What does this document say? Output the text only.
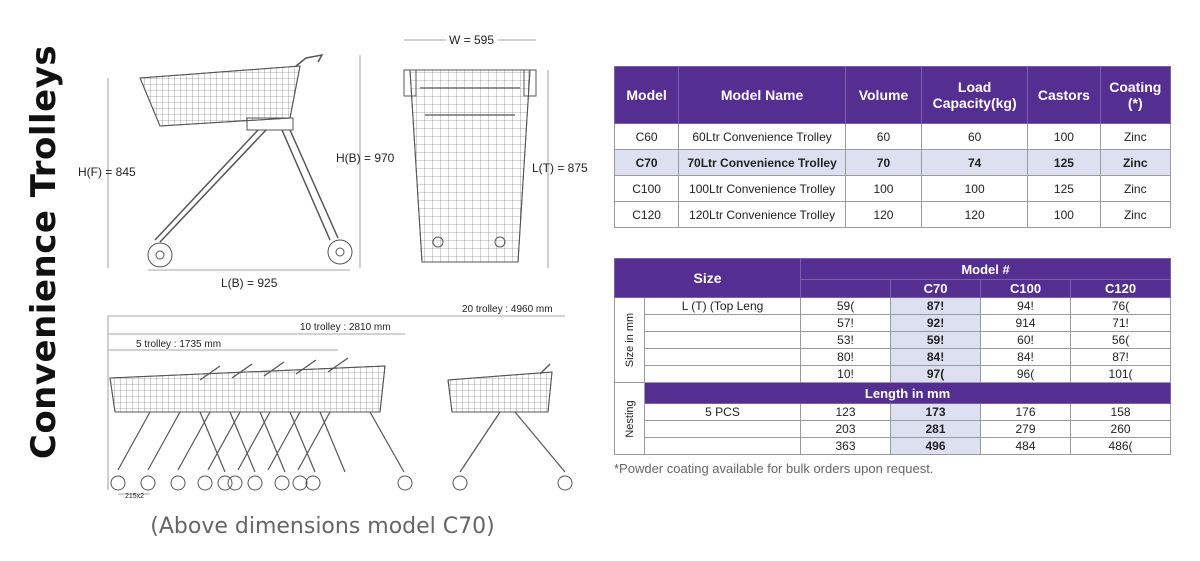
Convenience Trolleys H(F) = 845
H(B) = 970
L(B) = 925
W = 595
L(T) = 875
20 trolley : 4960 mm
10 trolley : 2810 mm
5 trolley : 1735 mm
215x2
(Above dimensions model C70)
Model	Model Name	Volume	Load Capacity(kg)	Castors	Coating (*)
C60	60Ltr Convenience Trolley	60	60	100	Zinc
C70	70Ltr Convenience Trolley	70	74	125	Zinc
C100	100Ltr Convenience Trolley	100	100	125	Zinc
C120	120Ltr Convenience Trolley	120	120	100	Zinc
Size		Model #			
			C70	C100	C120

Size in mm	L (T) (Top Leng	59(	87!	94!	76(
		57!	92!	914	71!
		53!	59!	60!	56(
		80!	84!	84!	87!
		10!	97(	96(	101(

Nesting	Length in mm				
	5 PCS	123	173	176	158
		203	281	279	260
		363	496	484	486(
*Powder coating available for bulk orders upon request.
